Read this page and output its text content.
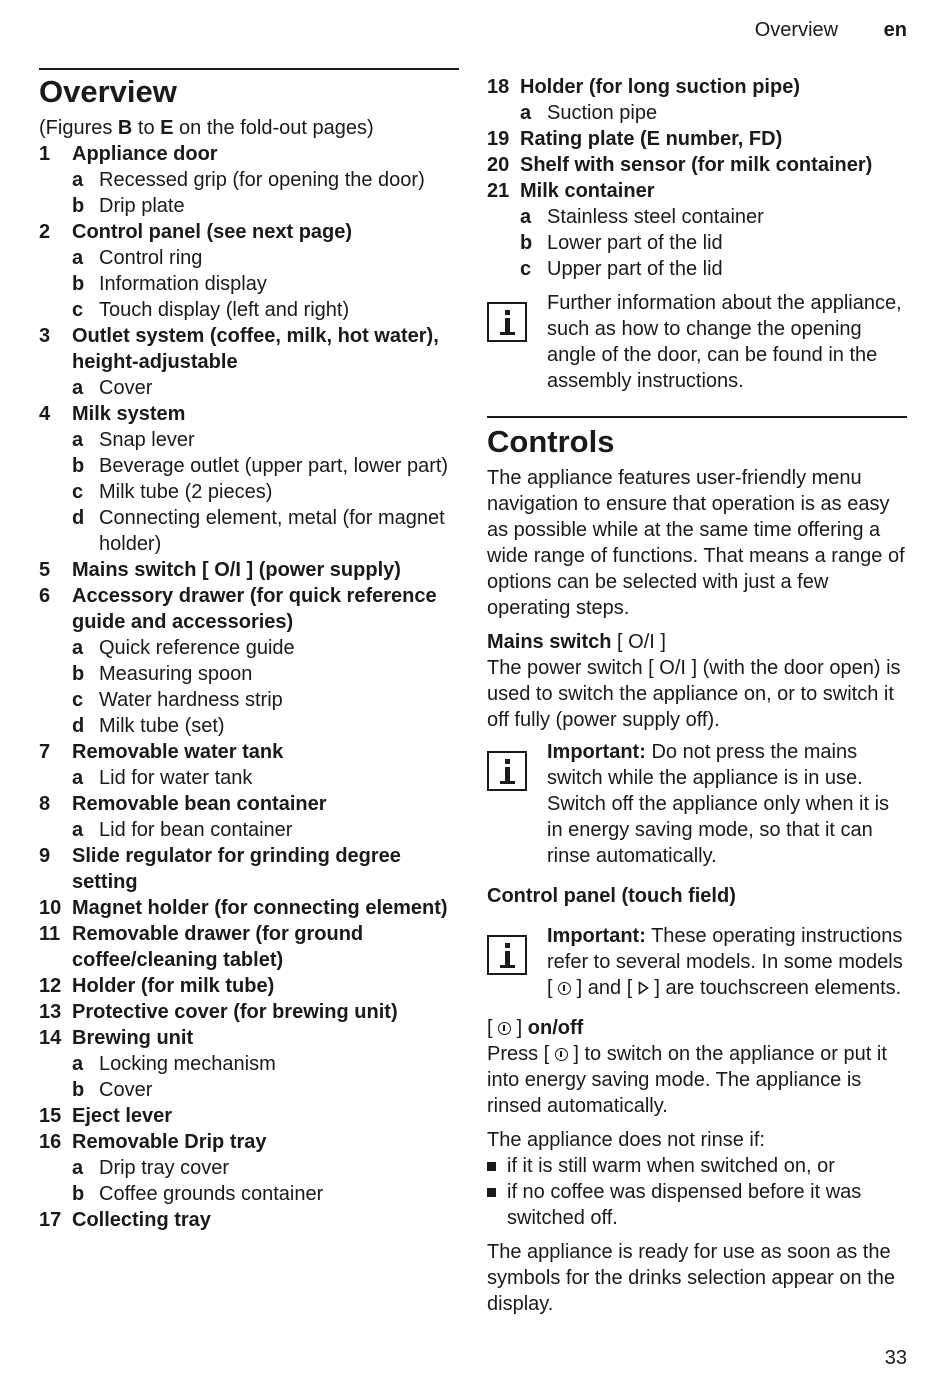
Overview en
Overview

(Figures B to E on the fold-out pages)

1	Appliance door
a Recessed grip (for opening the door)
b Drip plate
2	Control panel (see next page)
a Control ring
b Information display
c Touch display (left and right)
3	Outlet system (coffee, milk, hot water), height-adjustable
a Cover
4	Milk system
a Snap lever
b Beverage outlet (upper part, lower part)
c Milk tube (2 pieces)
d Connecting element, metal (for magnet holder)
5	Mains switch [ O/I ] (power supply)
6	Accessory drawer (for quick reference guide and accessories)
a Quick reference guide
b Measuring spoon
c Water hardness strip
d Milk tube (set)
7	Removable water tank
a Lid for water tank
8	Removable bean container
a Lid for bean container
9	Slide regulator for grinding degree setting
10 Magnet holder (for connecting element)
11 Removable drawer (for ground coffee/cleaning tablet)
12 Holder (for milk tube)
13 Protective cover (for brewing unit)
14 Brewing unit
a Locking mechanism
b Cover
15 Eject lever
16 Removable Drip tray
a Drip tray cover
b Coffee grounds container
17 Collecting tray
18 Holder (for long suction pipe)
a Suction pipe
19 Rating plate (E number, FD)
20 Shelf with sensor (for milk container)
21 Milk container
a Stainless steel container
b Lower part of the lid
c Upper part of the lid

Further information about the appliance, such as how to change the opening angle of the door, can be found in the assembly instructions.

Controls

The appliance features user-friendly menu navigation to ensure that operation is as easy as possible while at the same time offering a wide range of functions. That means a range of options can be selected with just a few operating steps.

Mains switch [ O/I ]

The power switch [ O/I ] (with the door open) is used to switch the appliance on, or to switch it off fully (power supply off).

Important: Do not press the mains switch while the appliance is in use. Switch off the appliance only when it is in energy saving mode, so that it can rinse automatically.

Control panel (touch field)

Important: These operating instructions refer to several models. In some models [  ] and [  ] are touchscreen elements.

[  ] on/off

Press [  ] to switch on the appliance or put it into energy saving mode. The appliance is rinsed automatically.

The appliance does not rinse if:

if it is still warm when switched on, or

if no coffee was dispensed before it was switched off.

The appliance is ready for use as soon as the symbols for the drinks selection appear on the display.

33
